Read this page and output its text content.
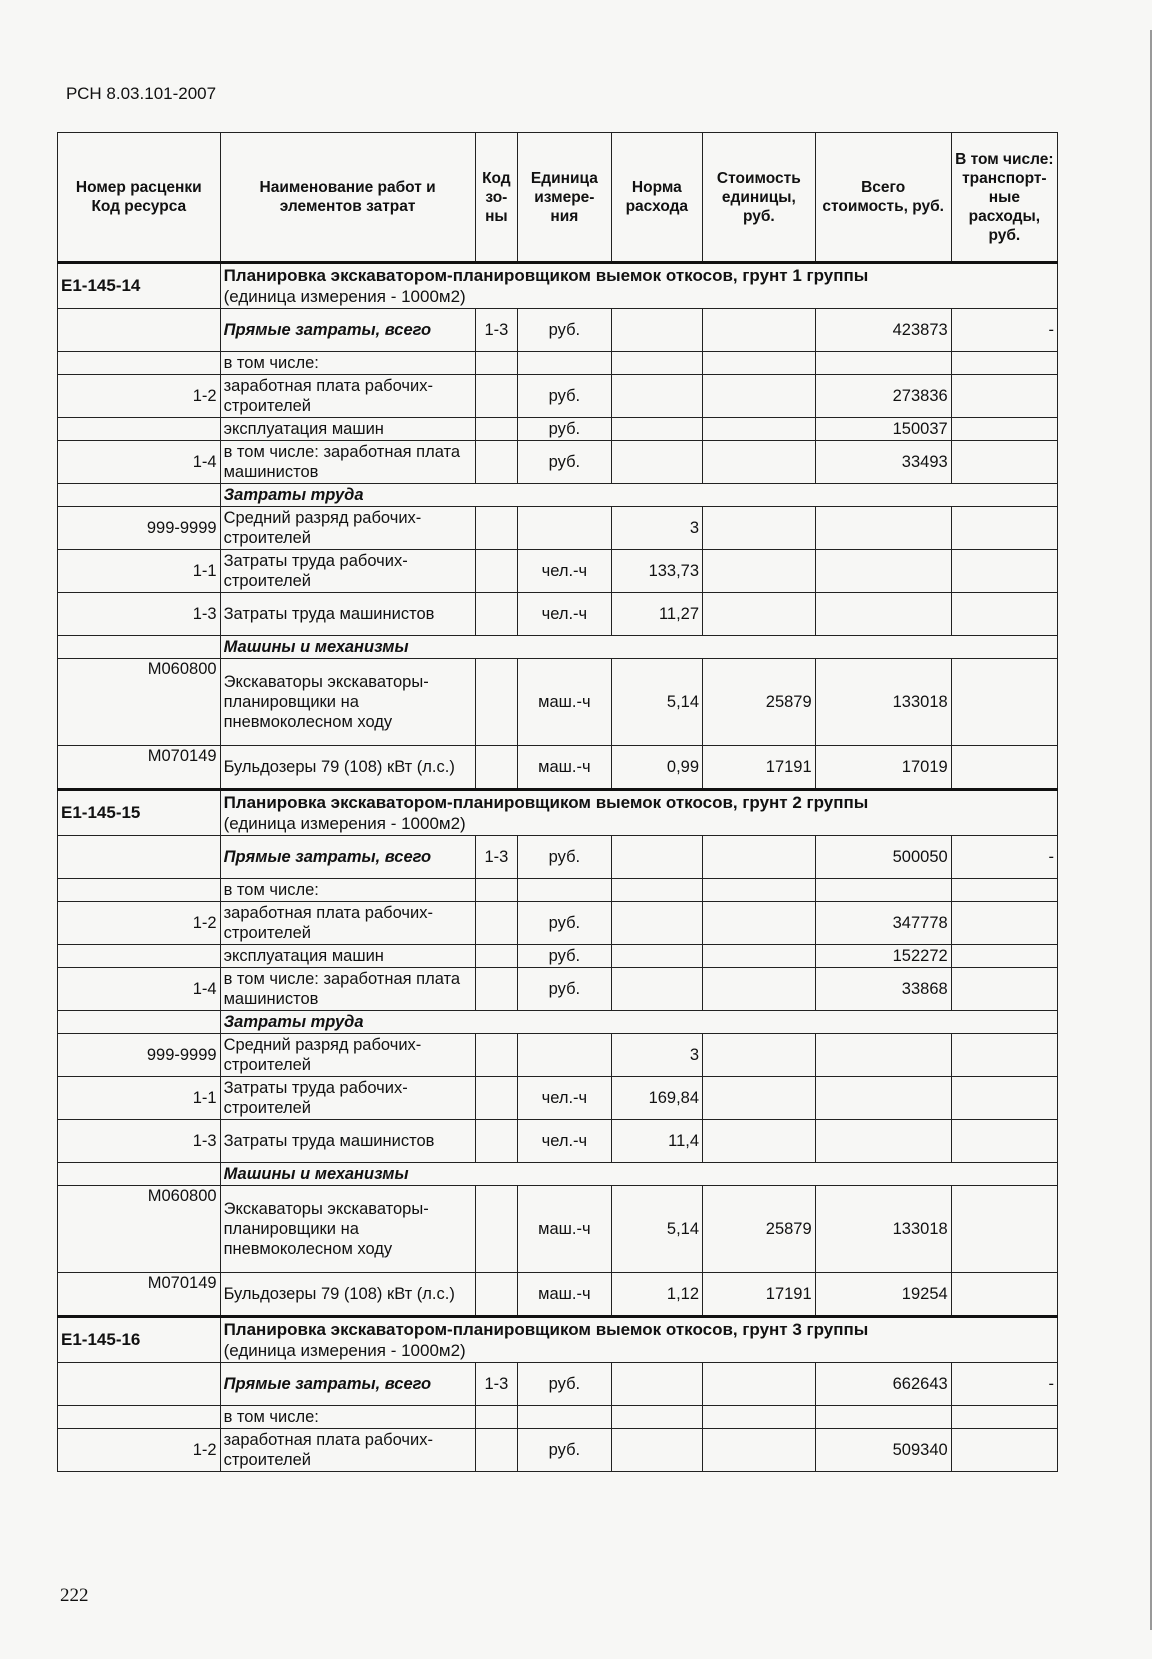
РСН 8.03.101-2007
Номер расценки Код ресурса	Наименование работ и элементов затрат	Код зо- ны	Единица измере- ния	Норма расхода	Стоимость единицы, руб.	Всего стоимость, руб.	В том числе: транспорт- ные расходы, руб.
Е1-145-14	Планировка экскаватором-планировщиком выемок откосов, грунт 1 группы
(единица измерения - 1000м2)						
	Прямые затраты, всего	1-3	руб.			423873	-
	в том числе:						
1-2	заработная плата рабочих-строителей		руб.			273836	
	эксплуатация машин		руб.			150037	
1-4	в том числе: заработная плата машинистов		руб.			33493	
	Затраты труда						
999-9999	Средний разряд рабочих-строителей			3			
1-1	Затраты труда рабочих-строителей		чел.-ч	133,73			
1-3	Затраты труда машинистов		чел.-ч	11,27			
	Машины и механизмы						
М060800	Экскаваторы экскаваторы-планировщики на пневмоколесном ходу		маш.-ч	5,14	25879	133018	
М070149	Бульдозеры 79 (108) кВт (л.с.)		маш.-ч	0,99	17191	17019	
Е1-145-15	Планировка экскаватором-планировщиком выемок откосов, грунт 2 группы
(единица измерения - 1000м2)						
	Прямые затраты, всего	1-3	руб.			500050	-
	в том числе:						
1-2	заработная плата рабочих-строителей		руб.			347778	
	эксплуатация машин		руб.			152272	
1-4	в том числе: заработная плата машинистов		руб.			33868	
	Затраты труда						
999-9999	Средний разряд рабочих-строителей			3			
1-1	Затраты труда рабочих-строителей		чел.-ч	169,84			
1-3	Затраты труда машинистов		чел.-ч	11,4			
	Машины и механизмы						
М060800	Экскаваторы экскаваторы-планировщики на пневмоколесном ходу		маш.-ч	5,14	25879	133018	
М070149	Бульдозеры 79 (108) кВт (л.с.)		маш.-ч	1,12	17191	19254	
Е1-145-16	Планировка экскаватором-планировщиком выемок откосов, грунт 3 группы
(единица измерения - 1000м2)						
	Прямые затраты, всего	1-3	руб.			662643	-
	в том числе:						
1-2	заработная плата рабочих-строителей		руб.			509340	
222
